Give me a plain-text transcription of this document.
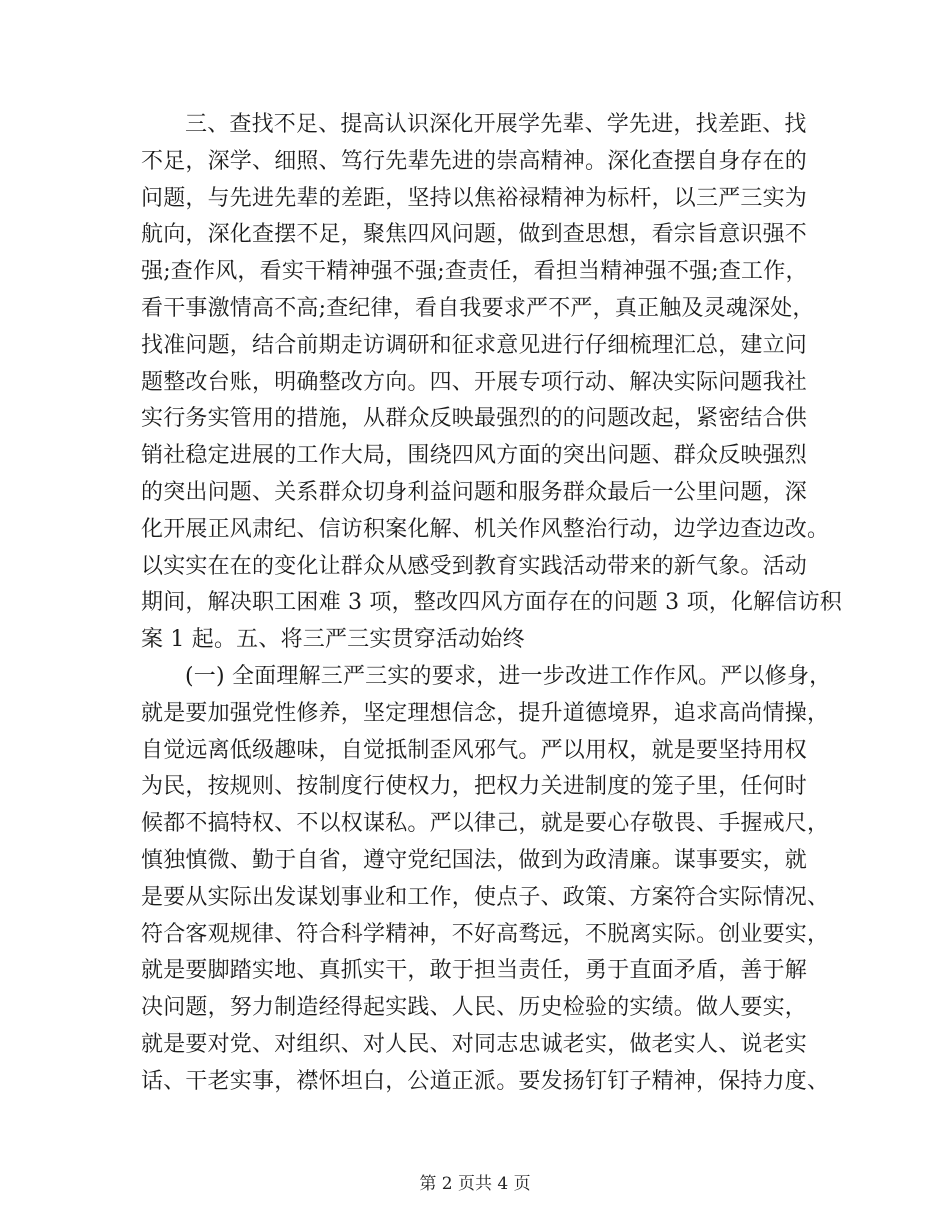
三、查找不足、提高认识深化开展学先辈、学先进，找差距、找
不足，深学、细照、笃行先辈先进的崇高精神。深化查摆自身存在的
问题，与先进先辈的差距，坚持以焦裕禄精神为标杆，以三严三实为
航向，深化查摆不足，聚焦四风问题，做到查思想，看宗旨意识强不
强;查作风，看实干精神强不强;查责任，看担当精神强不强;查工作，
看干事激情高不高;查纪律，看自我要求严不严，真正触及灵魂深处，
找准问题，结合前期走访调研和征求意见进行仔细梳理汇总，建立问
题整改台账，明确整改方向。四、开展专项行动、解决实际问题我社
实行务实管用的措施，从群众反映最强烈的的问题改起，紧密结合供
销社稳定进展的工作大局，围绕四风方面的突出问题、群众反映强烈
的突出问题、关系群众切身利益问题和服务群众最后一公里问题，深
化开展正风肃纪、信访积案化解、机关作风整治行动，边学边查边改。
以实实在在的变化让群众从感受到教育实践活动带来的新气象。活动
期间，解决职工困难 3 项，整改四风方面存在的问题 3 项，化解信访积
案 1 起。五、将三严三实贯穿活动始终
(一) 全面理解三严三实的要求，进一步改进工作作风。严以修身，
就是要加强党性修养，坚定理想信念，提升道德境界，追求高尚情操，
自觉远离低级趣味，自觉抵制歪风邪气。严以用权，就是要坚持用权
为民，按规则、按制度行使权力，把权力关进制度的笼子里，任何时
候都不搞特权、不以权谋私。严以律己，就是要心存敬畏、手握戒尺，
慎独慎微、勤于自省，遵守党纪国法，做到为政清廉。谋事要实，就
是要从实际出发谋划事业和工作，使点子、政策、方案符合实际情况、
符合客观规律、符合科学精神，不好高骛远，不脱离实际。创业要实，
就是要脚踏实地、真抓实干，敢于担当责任，勇于直面矛盾，善于解
决问题，努力制造经得起实践、人民、历史检验的实绩。做人要实，
就是要对党、对组织、对人民、对同志忠诚老实，做老实人、说老实
话、干老实事，襟怀坦白，公道正派。要发扬钉钉子精神，保持力度、
第 2 页共 4 页
